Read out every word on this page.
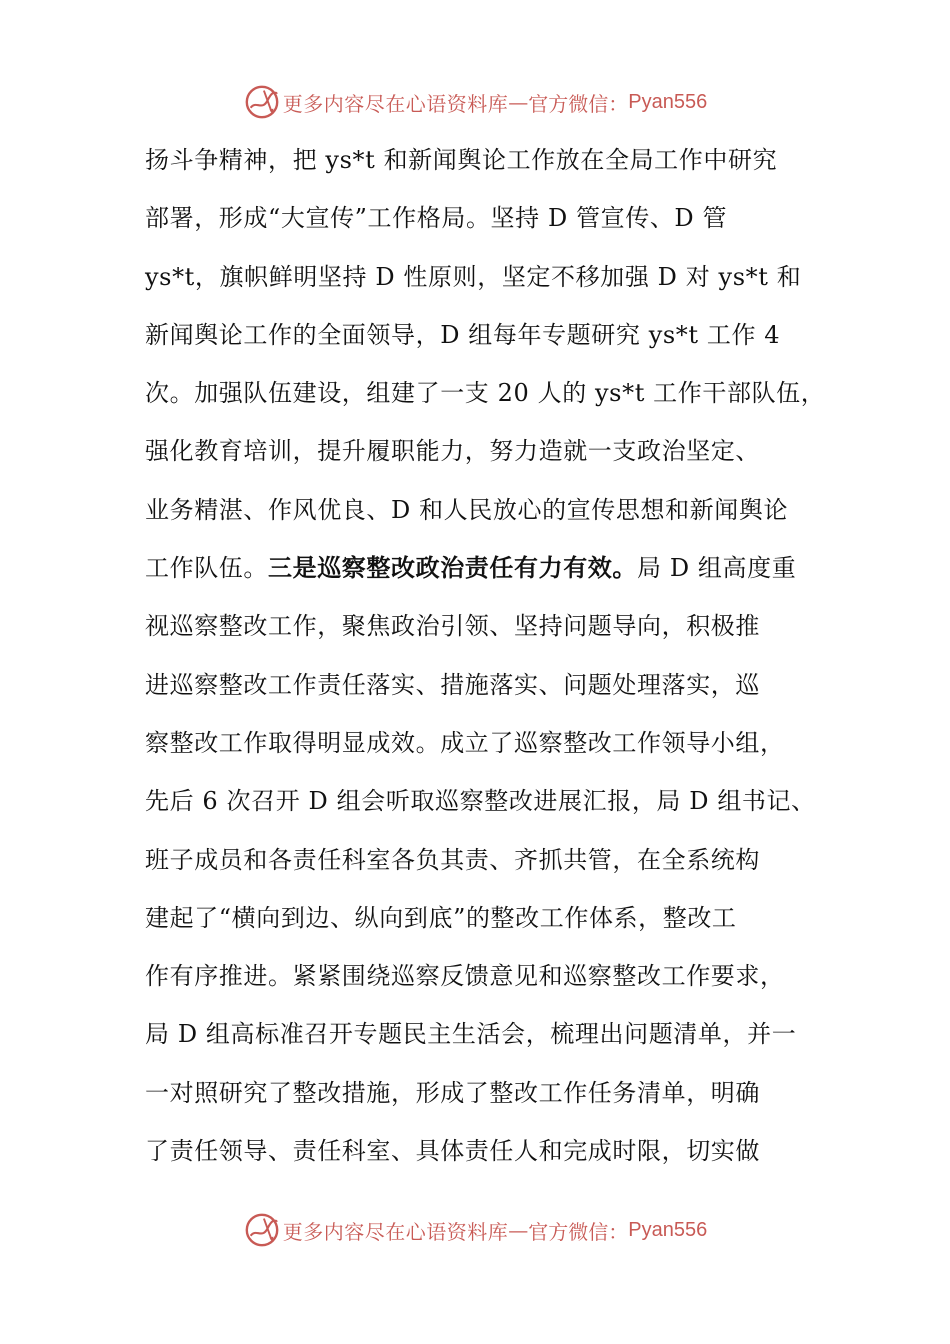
更多内容尽在心语资料库 — 官方微信： Pyan556
扬斗争精神，把 ys*t 和新闻舆论工作放在全局工作中研究
部署，形成“大宣传”工作格局。坚持 D 管宣传、D 管
ys*t，旗帜鲜明坚持 D 性原则，坚定不移加强 D 对 ys*t 和
新闻舆论工作的全面领导，D 组每年专题研究 ys*t 工作 4
次。加强队伍建设，组建了一支 20 人的 ys*t 工作干部队伍，
强化教育培训，提升履职能力，努力造就一支政治坚定、
业务精湛、作风优良、D 和人民放心的宣传思想和新闻舆论
工作队伍。三是巡察整改政治责任有力有效。局 D 组高度重
视巡察整改工作，聚焦政治引领、坚持问题导向，积极推
进巡察整改工作责任落实、措施落实、问题处理落实，巡
察整改工作取得明显成效。成立了巡察整改工作领导小组，
先后 6 次召开 D 组会听取巡察整改进展汇报，局 D 组书记、
班子成员和各责任科室各负其责、齐抓共管，在全系统构
建起了“横向到边、纵向到底”的整改工作体系，整改工
作有序推进。紧紧围绕巡察反馈意见和巡察整改工作要求，
局 D 组高标准召开专题民主生活会，梳理出问题清单，并一
一对照研究了整改措施，形成了整改工作任务清单，明确
了责任领导、责任科室、具体责任人和完成时限，切实做
更多内容尽在心语资料库 — 官方微信： Pyan556
